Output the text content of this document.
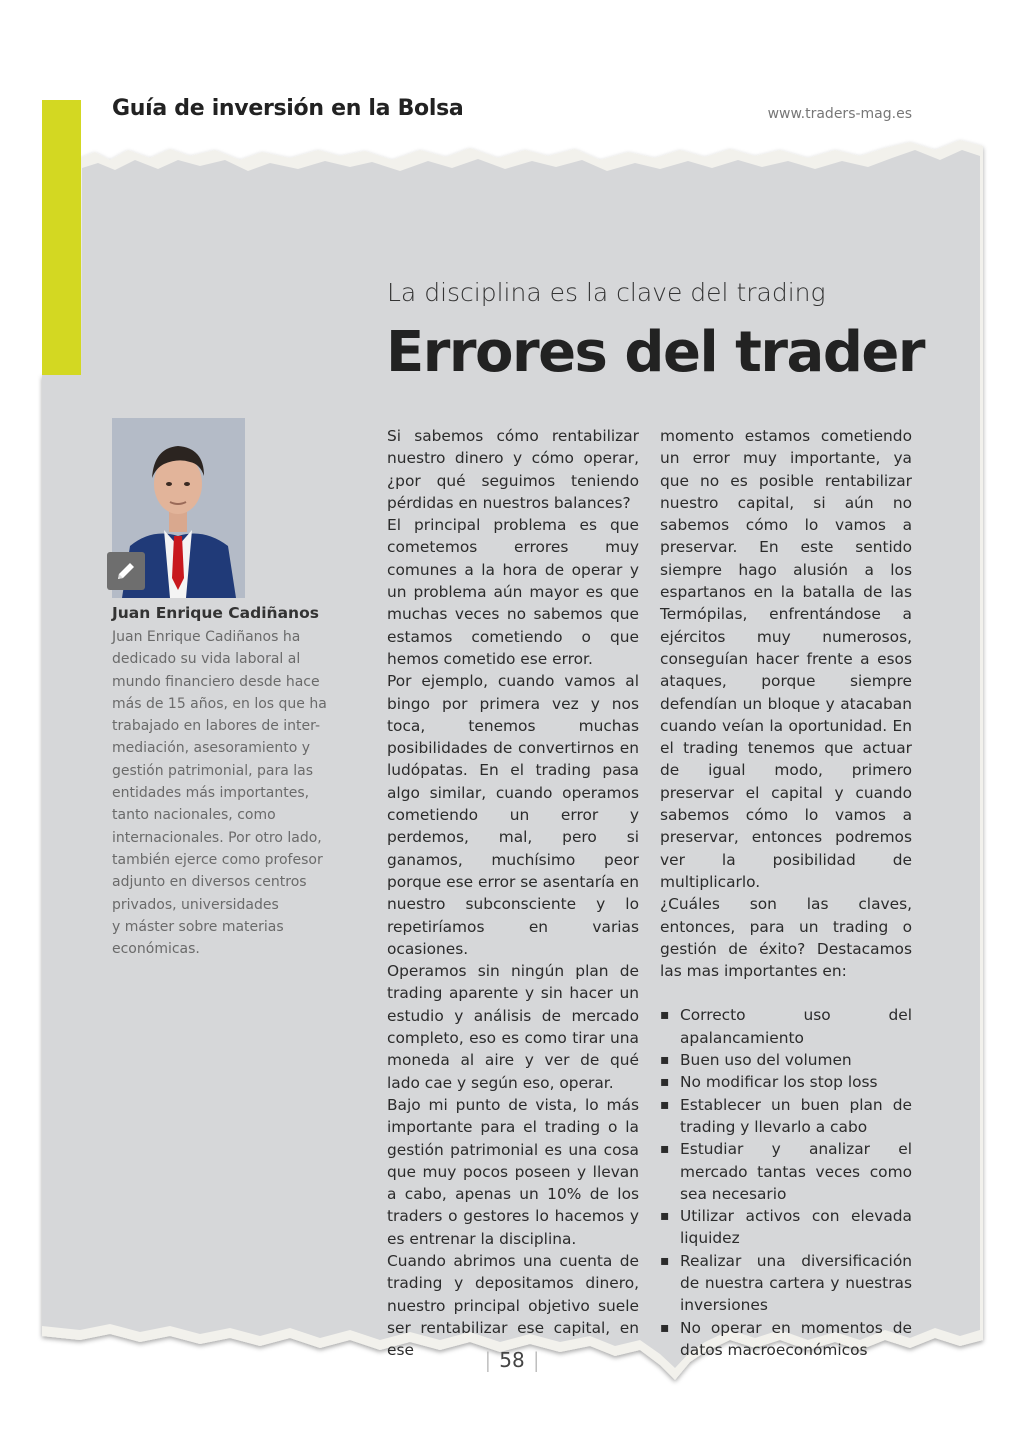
Guía de inversión en la Bolsa	www.traders-mag.es
La disciplina es la clave del trading
Errores del trader
Juan Enrique Cadiñanos
Juan Enrique Cadiñanos ha
dedicado su vida laboral al
mundo financiero desde hace
más de 15 años, en los que ha
trabajado en labores de inter-
mediación, asesoramiento y
gestión patrimonial, para las
entidades más importantes,
tanto nacionales, como
internacionales. Por otro lado,
también ejerce como profesor
adjunto en diversos centros
privados, universidades
y máster sobre materias
económicas.

Si sabemos cómo rentabilizar nuestro dinero y cómo operar, ¿por qué seguimos teniendo pérdidas en nuestros balances?

El principal problema es que cometemos errores muy comunes a la hora de operar y un problema aún mayor es que muchas veces no sabemos que estamos cometiendo o que hemos cometido ese error.

Por ejemplo, cuando vamos al bingo por primera vez y nos toca, tenemos muchas posibilidades de convertirnos en ludópatas. En el trading pasa algo similar, cuando operamos cometiendo un error y perdemos, mal, pero si ganamos, muchísimo peor porque ese error se asentaría en nuestro subconsciente y lo repetiríamos en varias ocasiones.

Operamos sin ningún plan de trading aparente y sin hacer un estudio y análisis de mercado completo, eso es como tirar una moneda al aire y ver de qué lado cae y según eso, operar.

Bajo mi punto de vista, lo más importante para el trading o la gestión patrimonial es una cosa que muy pocos poseen y llevan a cabo, apenas un 10% de los traders o gestores lo hacemos y es entrenar la disciplina.

Cuando abrimos una cuenta de trading y depositamos dinero, nuestro principal objetivo suele ser rentabilizar ese capital, en ese

momento estamos cometiendo un error muy importante, ya que no es posible rentabilizar nuestro capital, si aún no sabemos cómo lo vamos a preservar. En este sentido siempre hago alusión a los espartanos en la batalla de las Termópilas, enfrentándose a ejércitos muy numerosos, conseguían hacer frente a esos ataques, porque siempre defendían un bloque y atacaban cuando veían la oportunidad. En el trading tenemos que actuar de igual modo, primero preservar el capital y cuando sabemos cómo lo vamos a preservar, entonces podremos ver la posibilidad de multiplicarlo.

¿Cuáles son las claves, entonces, para un trading o gestión de éxito? Destacamos las mas importantes en:

▪ Correcto uso del apalancamiento
▪ Buen uso del volumen
▪ No modificar los stop loss
▪ Establecer un buen plan de trading y llevarlo a cabo
▪ Estudiar y analizar el mercado tantas veces como sea necesario
▪ Utilizar activos con elevada liquidez
▪ Realizar una diversificación de nuestra cartera y nuestras inversiones
▪ No operar en momentos de datos macroeconómicos
| 58 |
